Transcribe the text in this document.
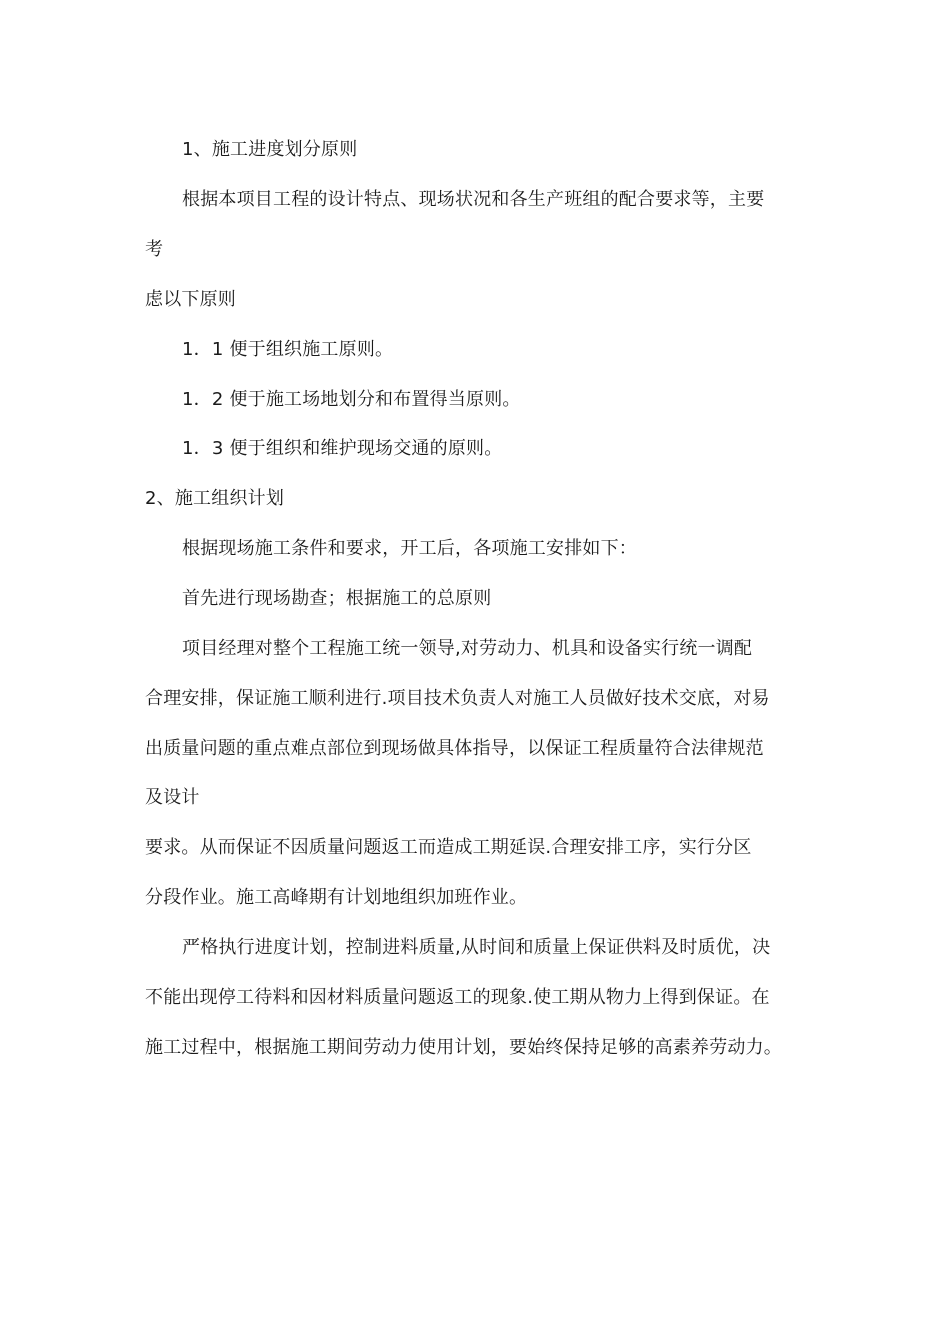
1、施工进度划分原则
根据本项目工程的设计特点、现场状况和各生产班组的配合要求等，主要
考
虑以下原则
1．1 便于组织施工原则。
1．2 便于施工场地划分和布置得当原则。
1．3 便于组织和维护现场交通的原则。
2、施工组织计划
根据现场施工条件和要求，开工后，各项施工安排如下：
首先进行现场勘查；根据施工的总原则
项目经理对整个工程施工统一领导,对劳动力、机具和设备实行统一调配
合理安排，保证施工顺利进行.项目技术负责人对施工人员做好技术交底，对易
出质量问题的重点难点部位到现场做具体指导，以保证工程质量符合法律规范
及设计
要求。从而保证不因质量问题返工而造成工期延误.合理安排工序，实行分区
分段作业。施工高峰期有计划地组织加班作业。
严格执行进度计划，控制进料质量,从时间和质量上保证供料及时质优，决
不能出现停工待料和因材料质量问题返工的现象.使工期从物力上得到保证。在
施工过程中，根据施工期间劳动力使用计划，要始终保持足够的高素养劳动力。
